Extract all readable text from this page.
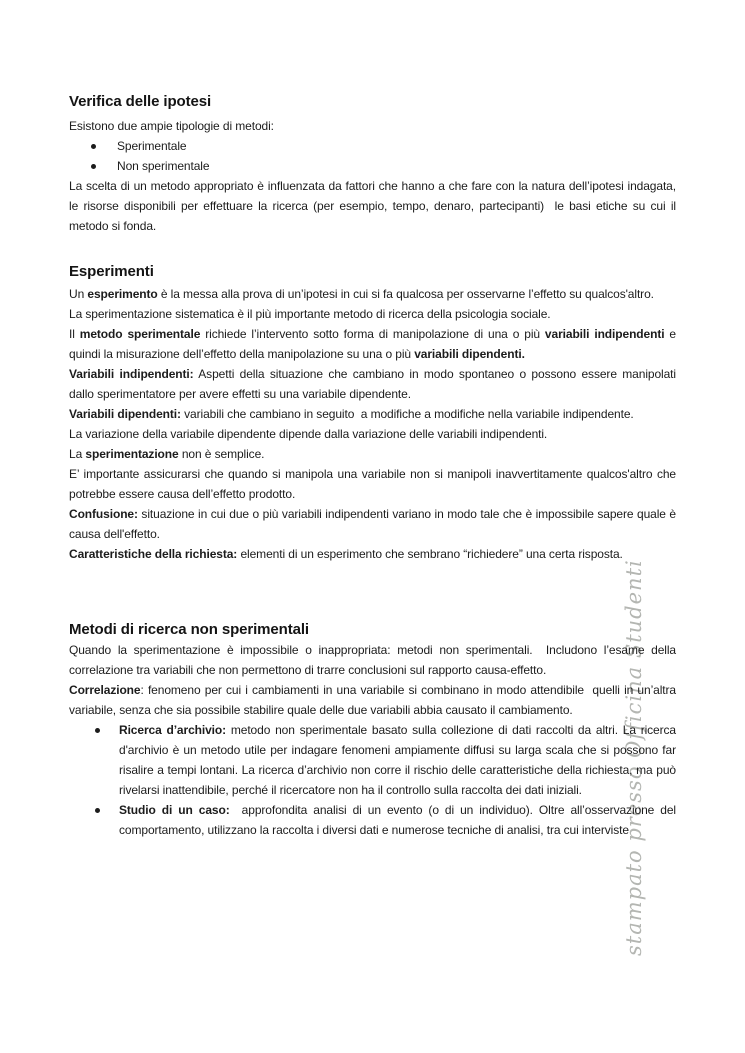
stampato presso Officina Studenti
Verifica delle ipotesi

Esistono due ampie tipologie di metodi:

Sperimentale
Non sperimentale

La scelta di un metodo appropriato è influenzata da fattori che hanno a che fare con la natura dell’ipotesi indagata, le risorse disponibili per effettuare la ricerca (per esempio, tempo, denaro, partecipanti)  le basi etiche su cui il metodo si fonda.

Esperimenti

Un esperimento è la messa alla prova di un’ipotesi in cui si fa qualcosa per osservarne l’effetto su qualcos'altro.

La sperimentazione sistematica è il più importante metodo di ricerca della psicologia sociale.

Il metodo sperimentale richiede l’intervento sotto forma di manipolazione di una o più variabili indipendenti e quindi la misurazione dell’effetto della manipolazione su una o più variabili dipendenti.

Variabili indipendenti: Aspetti della situazione che cambiano in modo spontaneo o possono essere manipolati dallo sperimentatore per avere effetti su una variabile dipendente.

Variabili dipendenti: variabili che cambiano in seguito  a modifiche a modifiche nella variabile indipendente.

La variazione della variabile dipendente dipende dalla variazione delle variabili indipendenti.

La sperimentazione non è semplice.

E’ importante assicurarsi che quando si manipola una variabile non si manipoli inavvertitamente qualcos'altro che potrebbe essere causa dell’effetto prodotto.

Confusione: situazione in cui due o più variabili indipendenti variano in modo tale che è impossibile sapere quale è causa dell'effetto.

Caratteristiche della richiesta: elementi di un esperimento che sembrano “richiedere” una certa risposta.

Metodi di ricerca non sperimentali

Quando la sperimentazione è impossibile o inappropriata: metodi non sperimentali.  Includono l’esame della correlazione tra variabili che non permettono di trarre conclusioni sul rapporto causa-effetto.

Correlazione: fenomeno per cui i cambiamenti in una variabile si combinano in modo attendibile  quelli in un’altra variabile, senza che sia possibile stabilire quale delle due variabili abbia causato il cambiamento.

Ricerca d’archivio: metodo non sperimentale basato sulla collezione di dati raccolti da altri. La ricerca d'archivio è un metodo utile per indagare fenomeni ampiamente diffusi su larga scala che si possono far risalire a tempi lontani. La ricerca d’archivio non corre il rischio delle caratteristiche della richiesta, ma può rivelarsi inattendibile, perché il ricercatore non ha il controllo sulla raccolta dei dati iniziali.
Studio di un caso:  approfondita analisi di un evento (o di un individuo). Oltre all’osservazione del comportamento, utilizzano la raccolta i diversi dati e numerose tecniche di analisi, tra cui interviste
